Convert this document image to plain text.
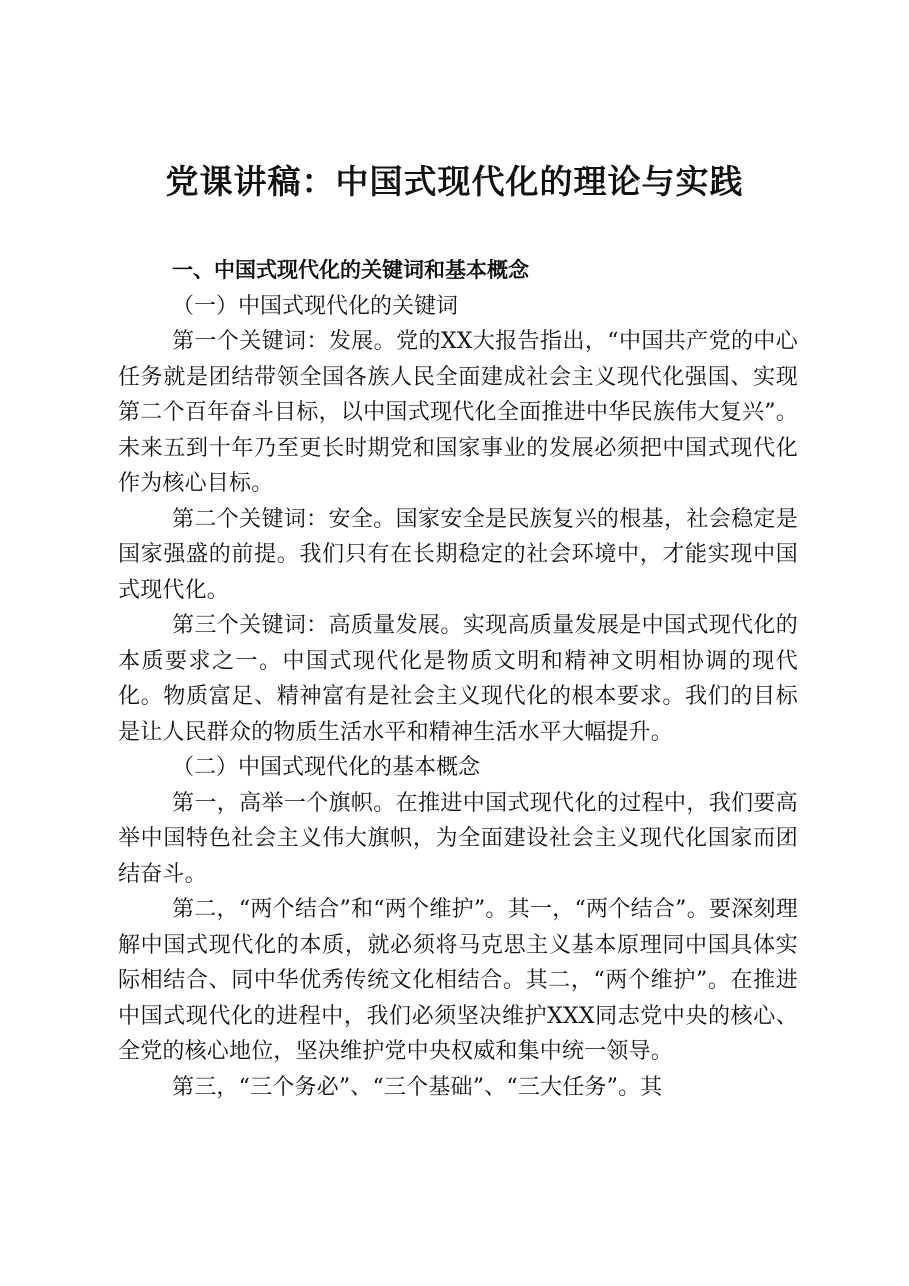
党课讲稿：中国式现代化的理论与实践

一、中国式现代化的关键词和基本概念

（一）中国式现代化的关键词

第一个关键词：发展。党的XX大报告指出，“中国共产党的中心任务就是团结带领全国各族人民全面建成社会主义现代化强国、实现第二个百年奋斗目标，以中国式现代化全面推进中华民族伟大复兴”。未来五到十年乃至更长时期党和国家事业的发展必须把中国式现代化作为核心目标。

第二个关键词：安全。国家安全是民族复兴的根基，社会稳定是国家强盛的前提。我们只有在长期稳定的社会环境中，才能实现中国式现代化。

第三个关键词：高质量发展。实现高质量发展是中国式现代化的本质要求之一。中国式现代化是物质文明和精神文明相协调的现代化。物质富足、精神富有是社会主义现代化的根本要求。我们的目标是让人民群众的物质生活水平和精神生活水平大幅提升。

（二）中国式现代化的基本概念

第一，高举一个旗帜。在推进中国式现代化的过程中，我们要高举中国特色社会主义伟大旗帜，为全面建设社会主义现代化国家而团结奋斗。

第二，“两个结合”和“两个维护”。其一，“两个结合”。要深刻理解中国式现代化的本质，就必须将马克思主义基本原理同中国具体实际相结合、同中华优秀传统文化相结合。其二，“两个维护”。在推进中国式现代化的进程中，我们必须坚决维护XXX同志党中央的核心、全党的核心地位，坚决维护党中央权威和集中统一领导。

第三，“三个务必”、“三个基础”、“三大任务”。其
